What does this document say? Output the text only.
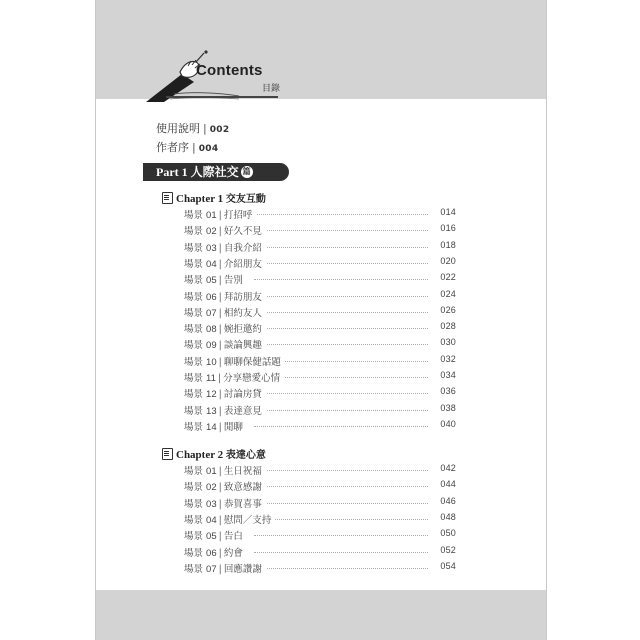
Contents
目錄
使用說明 | 002
作者序 | 004
Part 1 人際社交 篇
Chapter 1 交友互動
場景 01 | 打招呼	014
場景 02 | 好久不見	016
場景 03 | 自我介紹	018
場景 04 | 介紹朋友	020
場景 05 | 告別	022
場景 06 | 拜訪朋友	024
場景 07 | 相約友人	026
場景 08 | 婉拒邀約	028
場景 09 | 談論興趣	030
場景 10 | 聊聊保健話題	032
場景 11 | 分享戀愛心情	034
場景 12 | 討論房貸	036
場景 13 | 表達意見	038
場景 14 | 閒聊	040
Chapter 2 表達心意
場景 01 | 生日祝福	042
場景 02 | 致意感謝	044
場景 03 | 恭賀喜事	046
場景 04 | 慰問／支持	048
場景 05 | 告白	050
場景 06 | 約會	052
場景 07 | 回應讚謝	054
